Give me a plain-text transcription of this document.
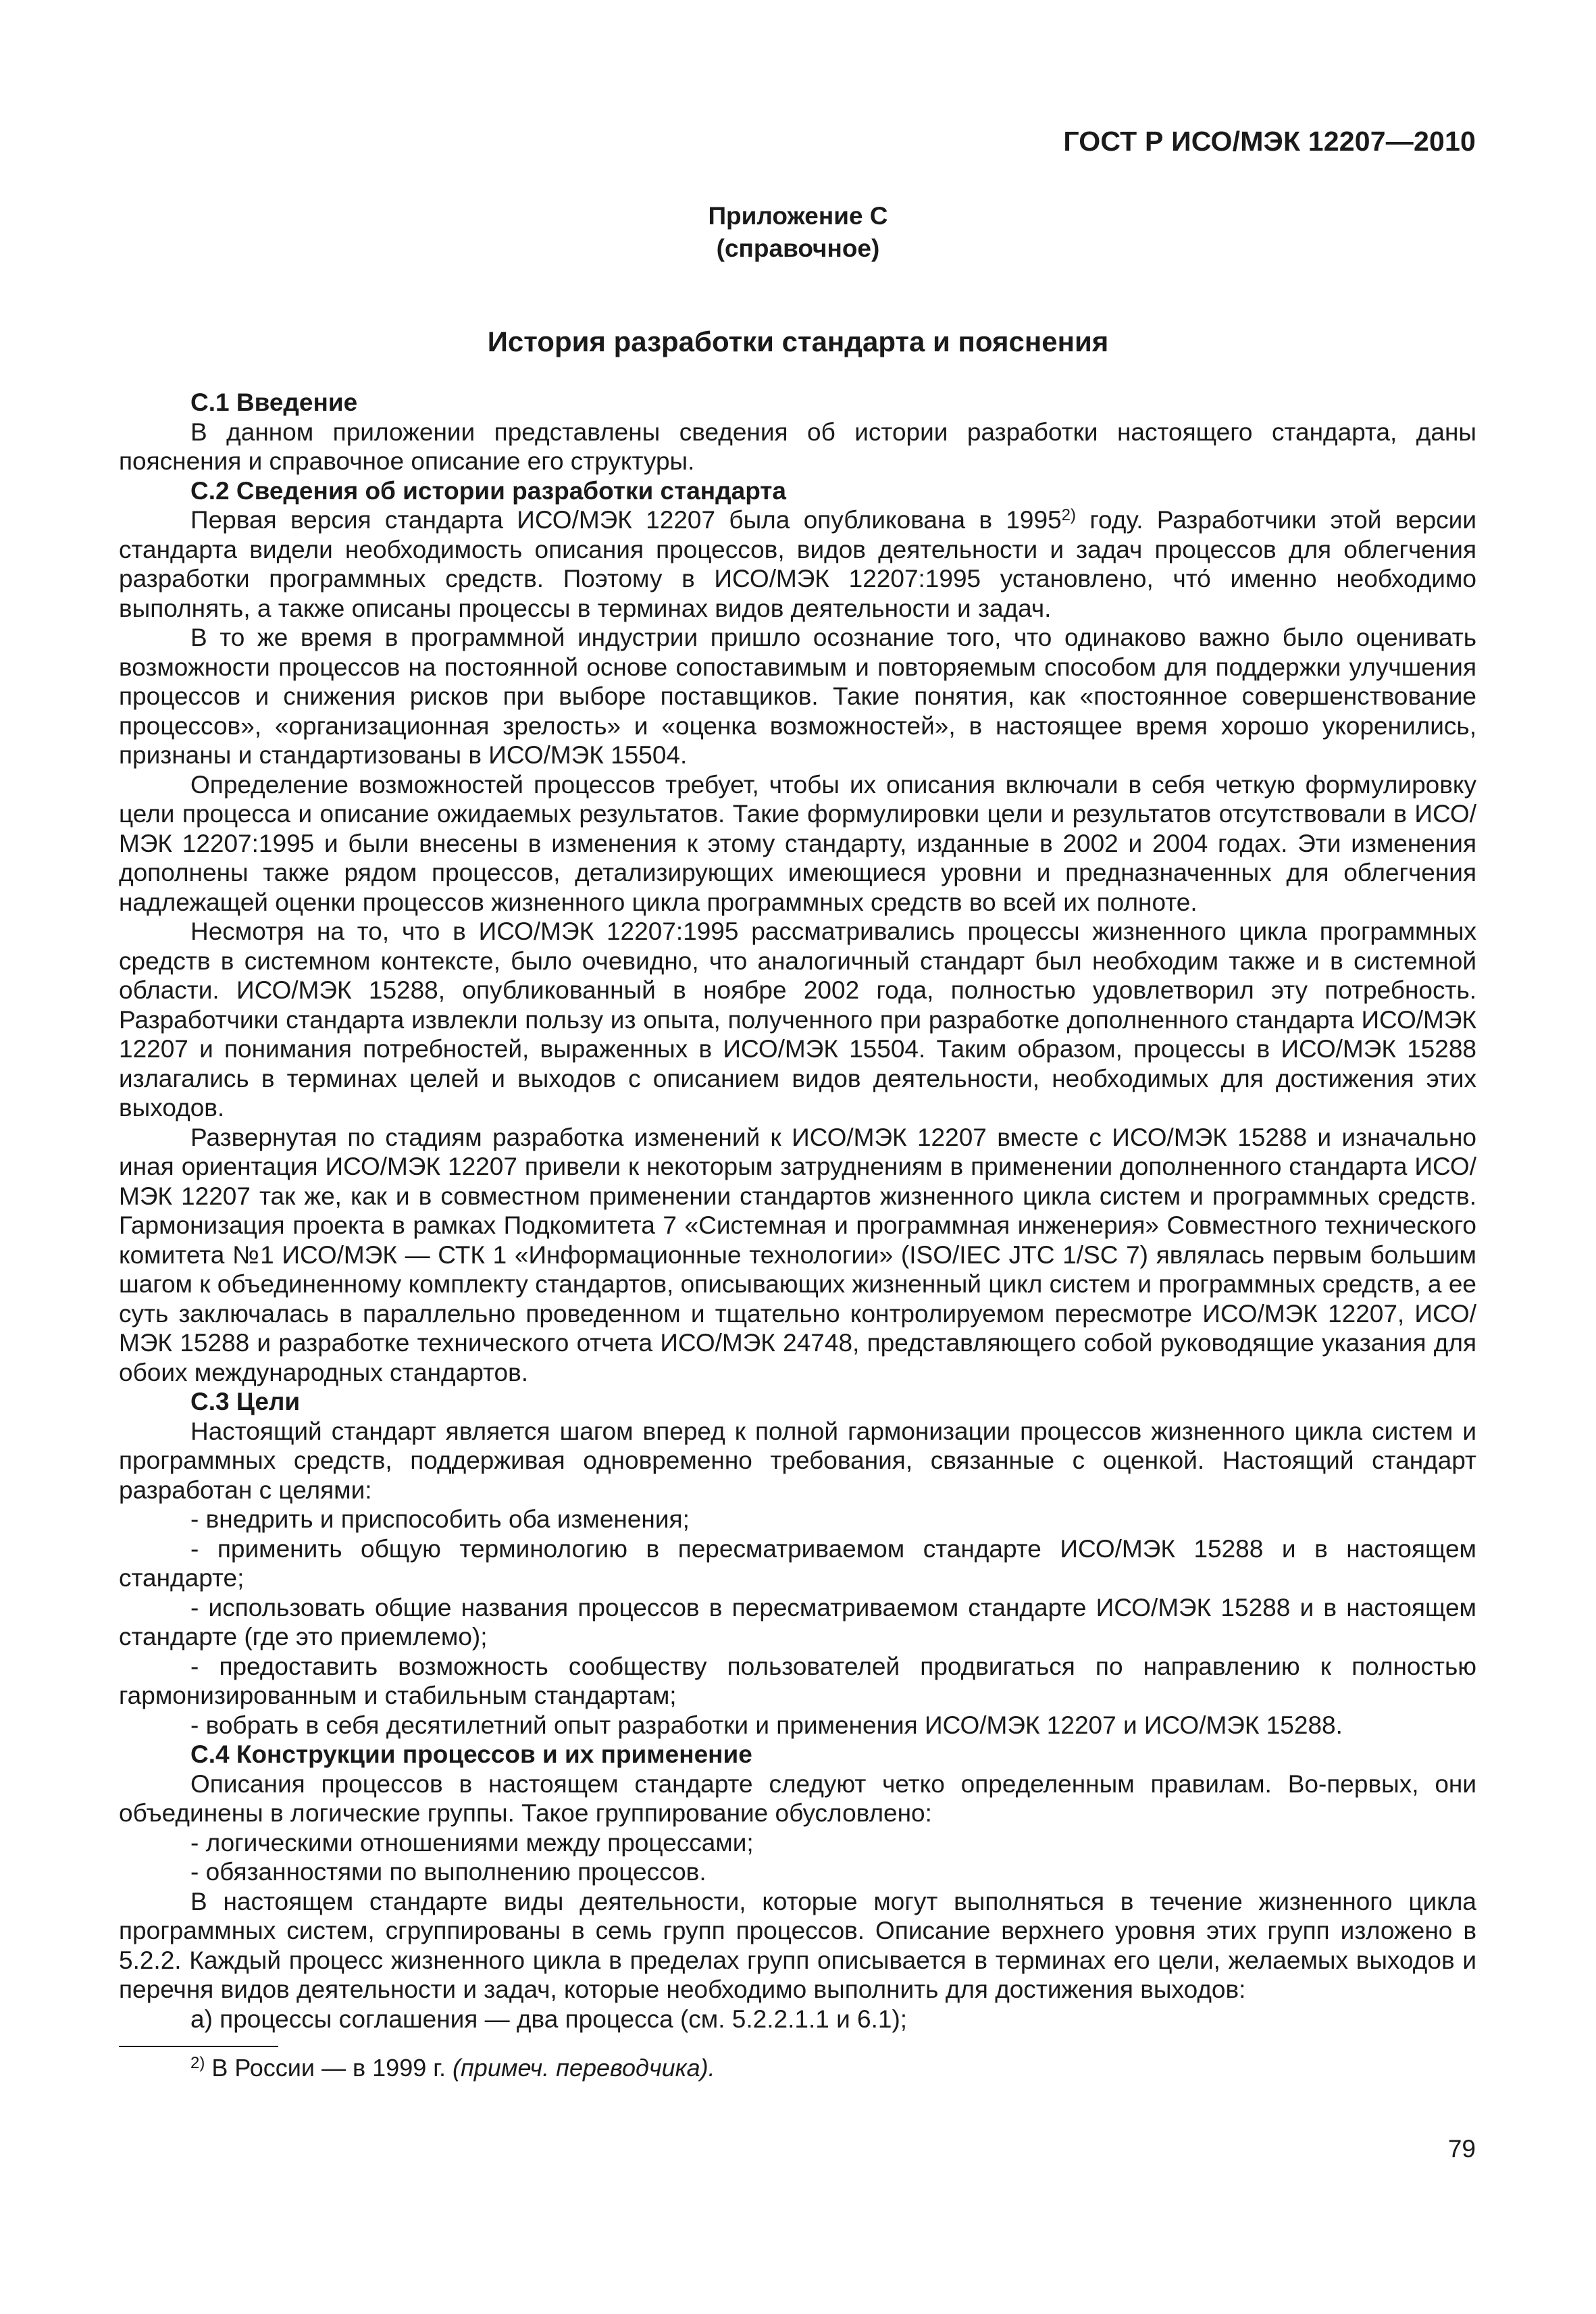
ГОСТ Р ИСО/МЭК 12207—2010
Приложение С
(справочное)
История разработки стандарта и пояснения
С.1 Введение

В данном приложении представлены сведения об истории разработки настоящего стандарта, даны пояснения и справочное описание его структуры.

С.2 Сведения об истории разработки стандарта

Первая версия стандарта ИСО/МЭК 12207 была опубликована в 1995$^{2)}$ году. Разработчики этой версии стандарта видели необходимость описания процессов, видов деятельности и задач процессов для облегчения разработки программных средств. Поэтому в ИСО/МЭК 12207:1995 установлено, что́ именно необходимо выполнять, а также описаны процессы в терминах видов деятельности и задач.

В то же время в программной индустрии пришло осознание того, что одинаково важно было оценивать возможности процессов на постоянной основе сопоставимым и повторяемым способом для поддержки улучшения процессов и снижения рисков при выборе поставщиков. Такие понятия, как «постоянное совершенствование процессов», «организационная зрелость» и «оценка возможностей», в настоящее время хорошо укоренились, признаны и стандартизованы в ИСО/МЭК 15504.

Определение возможностей процессов требует, чтобы их описания включали в себя четкую формулировку цели процесса и описание ожидаемых результатов. Такие формулировки цели и результатов отсутствовали в ИСО/МЭК 12207:1995 и были внесены в изменения к этому стандарту, изданные в 2002 и 2004 годах. Эти изменения дополнены также рядом процессов, детализирующих имеющиеся уровни и предназначенных для облегчения надлежащей оценки процессов жизненного цикла программных средств во всей их полноте.

Несмотря на то, что в ИСО/МЭК 12207:1995 рассматривались процессы жизненного цикла программных средств в системном контексте, было очевидно, что аналогичный стандарт был необходим также и в системной области. ИСО/МЭК 15288, опубликованный в ноябре 2002 года, полностью удовлетворил эту потребность. Разработчики стандарта извлекли пользу из опыта, полученного при разработке дополненного стандарта ИСО/МЭК 12207 и понимания потребностей, выраженных в ИСО/МЭК 15504. Таким образом, процессы в ИСО/МЭК 15288 излагались в терминах целей и выходов с описанием видов деятельности, необходимых для достижения этих выходов.

Развернутая по стадиям разработка изменений к ИСО/МЭК 12207 вместе с ИСО/МЭК 15288 и изначально иная ориентация ИСО/МЭК 12207 привели к некоторым затруднениям в применении дополненного стандарта ИСО/МЭК 12207 так же, как и в совместном применении стандартов жизненного цикла систем и программных средств. Гармонизация проекта в рамках Подкомитета 7 «Системная и программная инженерия» Совместного технического комитета №1 ИСО/МЭК — СТК 1 «Информационные технологии» (ISO/IEC JTC 1/SC 7) являлась первым большим шагом к объединенному комплекту стандартов, описывающих жизненный цикл систем и программных средств, а ее суть заключалась в параллельно проведенном и тщательно контролируемом пересмотре ИСО/МЭК 12207, ИСО/МЭК 15288 и разработке технического отчета ИСО/МЭК 24748, представляющего собой руководящие указания для обоих международных стандартов.

С.3 Цели

Настоящий стандарт является шагом вперед к полной гармонизации процессов жизненного цикла систем и программных средств, поддерживая одновременно требования, связанные с оценкой. Настоящий стандарт разработан с целями:

- внедрить и приспособить оба изменения;

- применить общую терминологию в пересматриваемом стандарте ИСО/МЭК 15288 и в настоящем стандарте;

- использовать общие названия процессов в пересматриваемом стандарте ИСО/МЭК 15288 и в настоящем стандарте (где это приемлемо);

- предоставить возможность сообществу пользователей продвигаться по направлению к полностью гармонизированным и стабильным стандартам;

- вобрать в себя десятилетний опыт разработки и применения ИСО/МЭК 12207 и ИСО/МЭК 15288.

С.4 Конструкции процессов и их применение

Описания процессов в настоящем стандарте следуют четко определенным правилам. Во-первых, они объединены в логические группы. Такое группирование обусловлено:

- логическими отношениями между процессами;

- обязанностями по выполнению процессов.

В настоящем стандарте виды деятельности, которые могут выполняться в течение жизненного цикла программных систем, сгруппированы в семь групп процессов. Описание верхнего уровня этих групп изложено в 5.2.2. Каждый процесс жизненного цикла в пределах групп описывается в терминах его цели, желаемых выходов и перечня видов деятельности и задач, которые необходимо выполнить для достижения выходов:

а) процессы соглашения — два процесса (см. 5.2.2.1.1 и 6.1);

$^{2)}$ В России — в 1999 г. (примеч. переводчика).
79
